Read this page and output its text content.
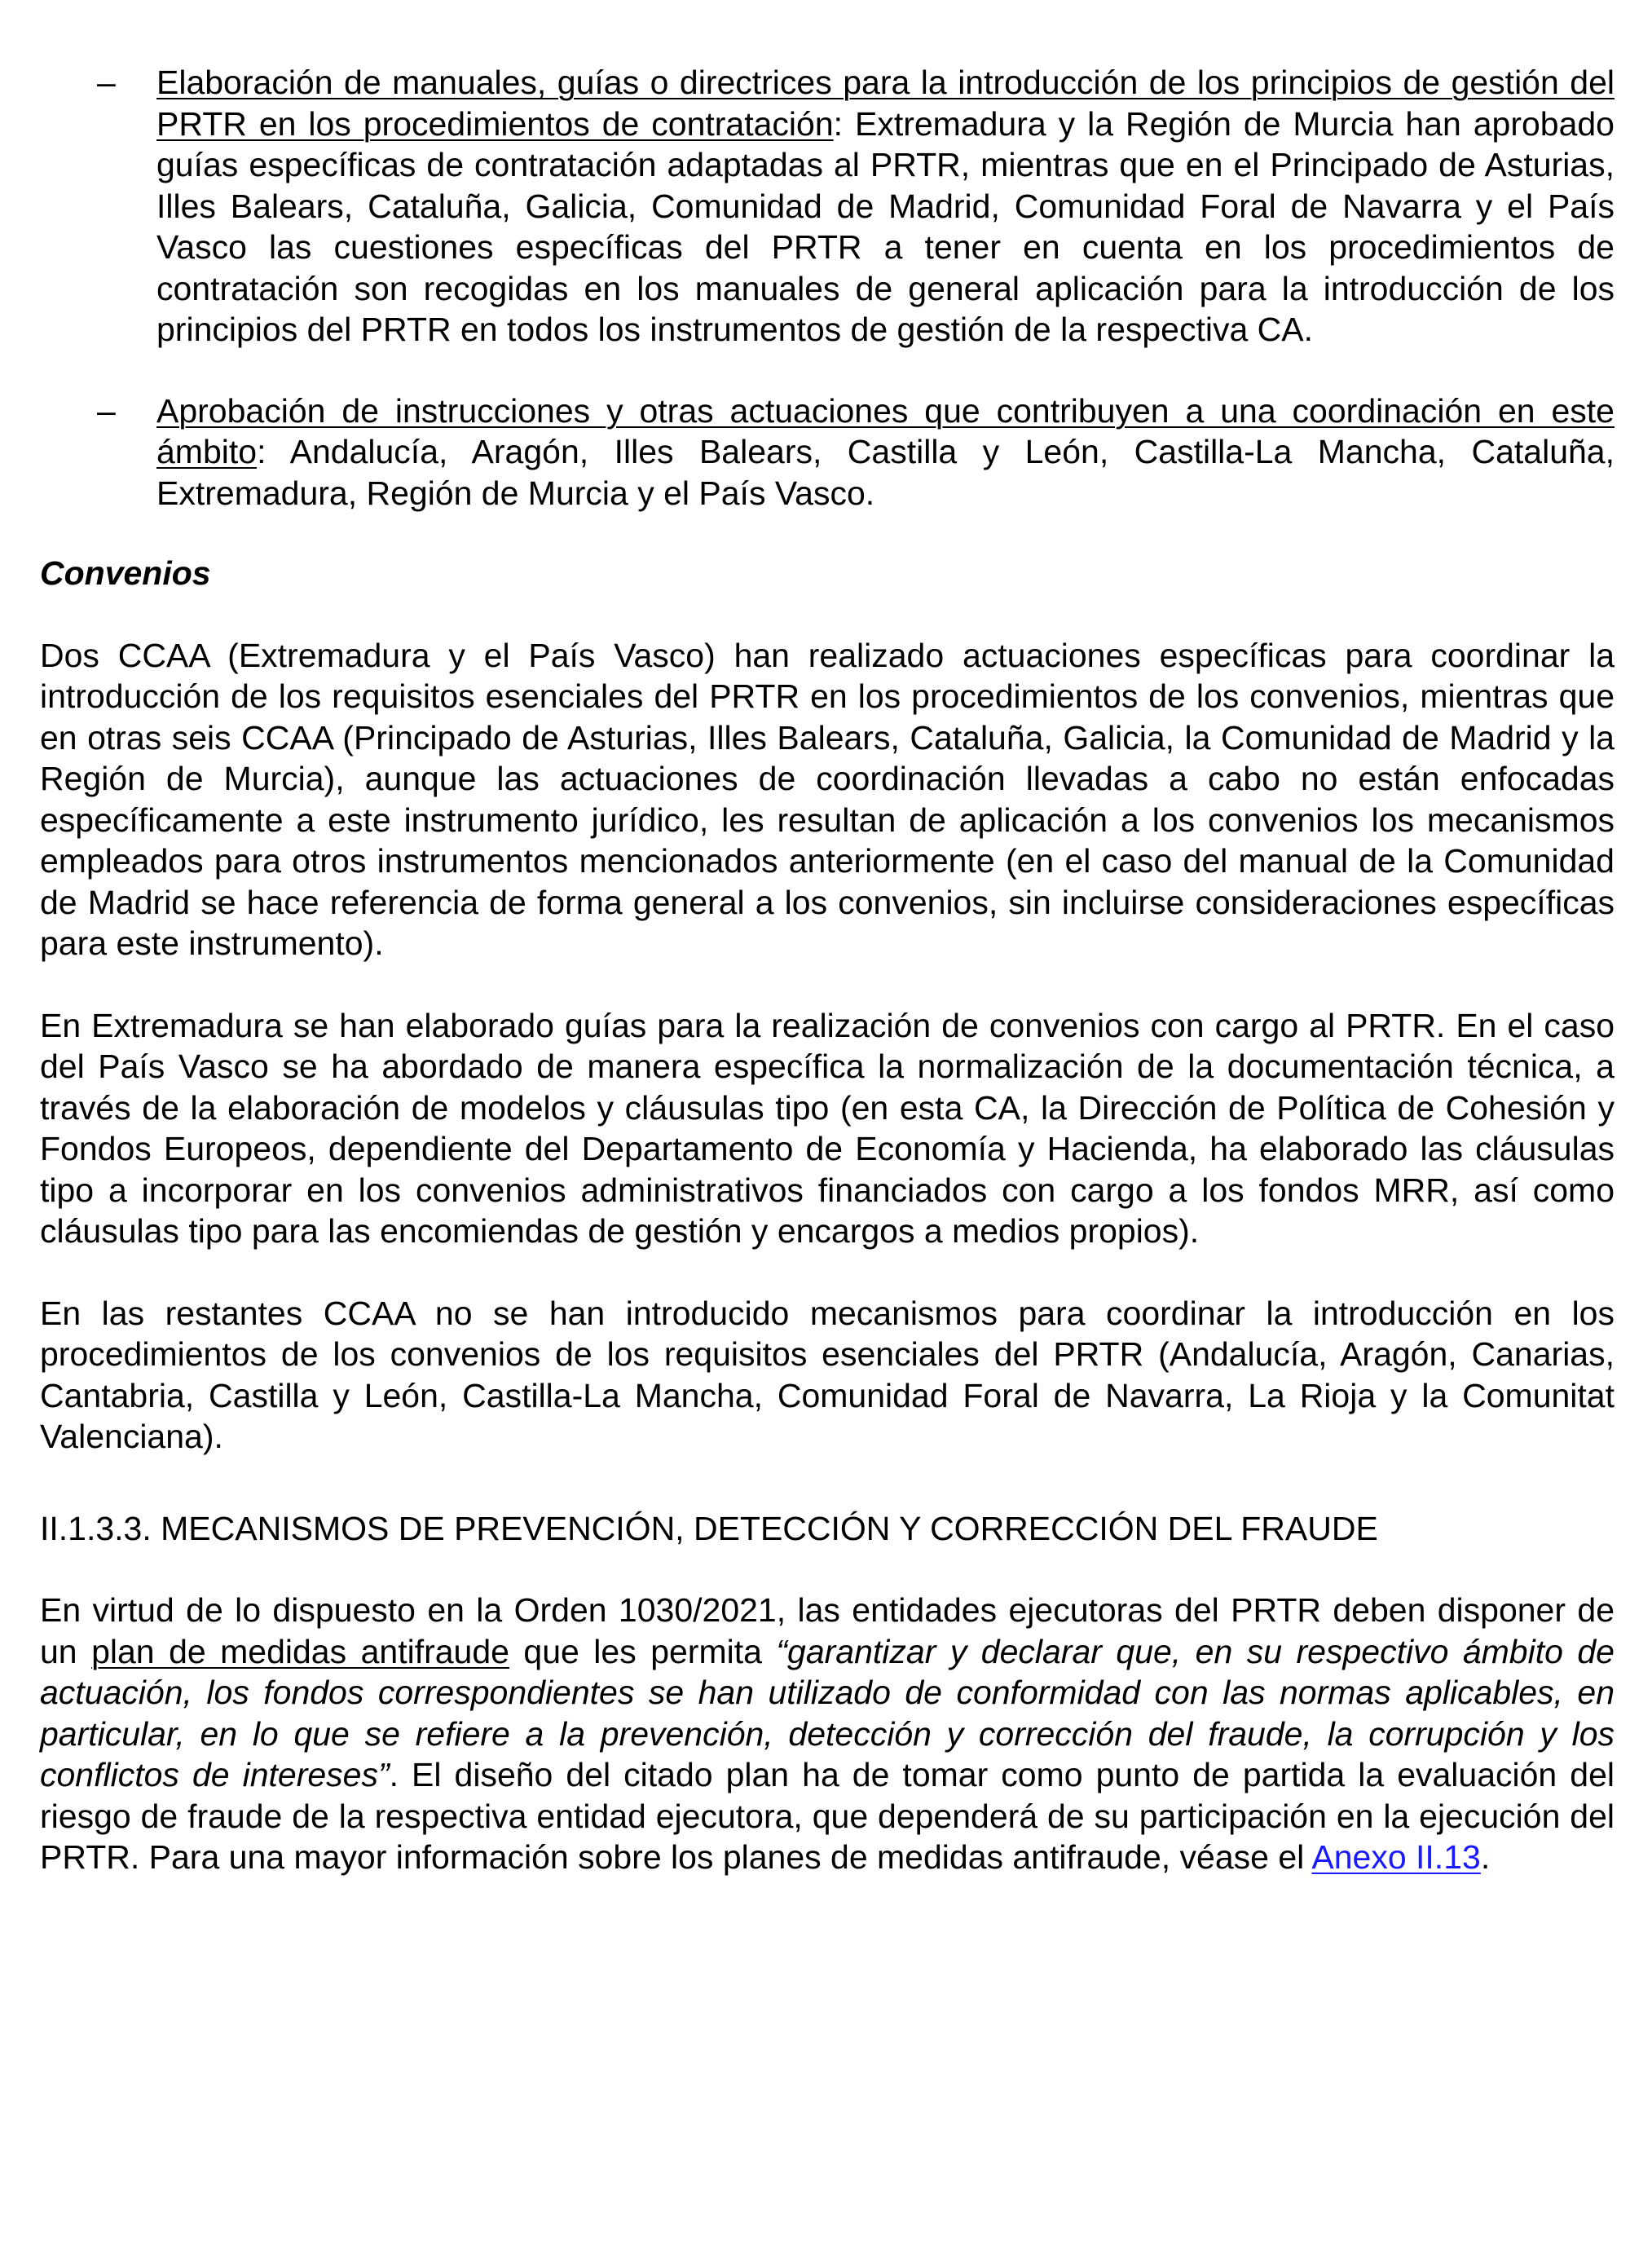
– Elaboración de manuales, guías o directrices para la introducción de los principios de gestión del PRTR en los procedimientos de contratación: Extremadura y la Región de Murcia han aprobado guías específicas de contratación adaptadas al PRTR, mientras que en el Principado de Asturias, Illes Balears, Cataluña, Galicia, Comunidad de Madrid, Comunidad Foral de Navarra y el País Vasco las cuestiones específicas del PRTR a tener en cuenta en los procedimientos de contratación son recogidas en los manuales de general aplicación para la introducción de los principios del PRTR en todos los instrumentos de gestión de la respectiva CA.
– Aprobación de instrucciones y otras actuaciones que contribuyen a una coordinación en este ámbito: Andalucía, Aragón, Illes Balears, Castilla y León, Castilla-La Mancha, Cataluña, Extremadura, Región de Murcia y el País Vasco.

Convenios

Dos CCAA (Extremadura y el País Vasco) han realizado actuaciones específicas para coordinar la introducción de los requisitos esenciales del PRTR en los procedimientos de los convenios, mientras que en otras seis CCAA (Principado de Asturias, Illes Balears, Cataluña, Galicia, la Comunidad de Madrid y la Región de Murcia), aunque las actuaciones de coordinación llevadas a cabo no están enfocadas específicamente a este instrumento jurídico, les resultan de aplicación a los convenios los mecanismos empleados para otros instrumentos mencionados anteriormente (en el caso del manual de la Comunidad de Madrid se hace referencia de forma general a los convenios, sin incluirse consideraciones específicas para este instrumento).

En Extremadura se han elaborado guías para la realización de convenios con cargo al PRTR. En el caso del País Vasco se ha abordado de manera específica la normalización de la documentación técnica, a través de la elaboración de modelos y cláusulas tipo (en esta CA, la Dirección de Política de Cohesión y Fondos Europeos, dependiente del Departamento de Economía y Hacienda, ha elaborado las cláusulas tipo a incorporar en los convenios administrativos financiados con cargo a los fondos MRR, así como cláusulas tipo para las encomiendas de gestión y encargos a medios propios).

En las restantes CCAA no se han introducido mecanismos para coordinar la introducción en los procedimientos de los convenios de los requisitos esenciales del PRTR (Andalucía, Aragón, Canarias, Cantabria, Castilla y León, Castilla-La Mancha, Comunidad Foral de Navarra, La Rioja y la Comunitat Valenciana).

II.1.3.3. MECANISMOS DE PREVENCIÓN, DETECCIÓN Y CORRECCIÓN DEL FRAUDE

En virtud de lo dispuesto en la Orden 1030/2021, las entidades ejecutoras del PRTR deben disponer de un plan de medidas antifraude que les permita “garantizar y declarar que, en su respectivo ámbito de actuación, los fondos correspondientes se han utilizado de conformidad con las normas aplicables, en particular, en lo que se refiere a la prevención, detección y corrección del fraude, la corrupción y los conflictos de intereses”. El diseño del citado plan ha de tomar como punto de partida la evaluación del riesgo de fraude de la respectiva entidad ejecutora, que dependerá de su participación en la ejecución del PRTR. Para una mayor información sobre los planes de medidas antifraude, véase el Anexo II.13.
